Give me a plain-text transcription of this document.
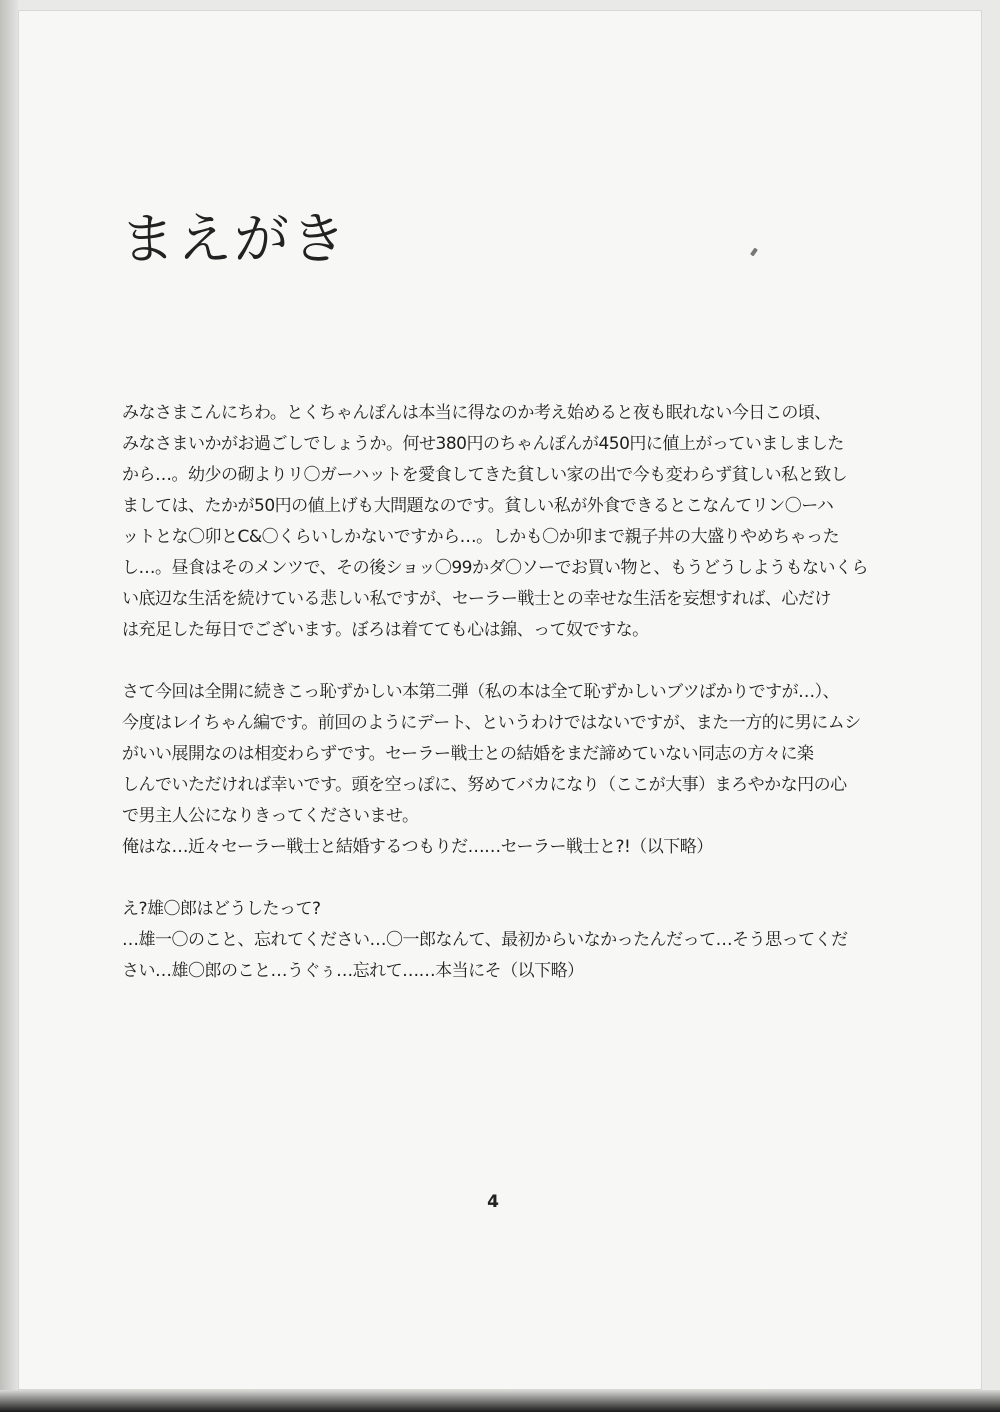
まえがき
みなさまこんにちわ。とくちゃんぽんは本当に得なのか考え始めると夜も眠れない今日この頃、
みなさまいかがお過ごしでしょうか。何せ380円のちゃんぽんが450円に値上がっていましました
から…。幼少の砌よりリ〇ガーハットを愛食してきた貧しい家の出で今も変わらず貧しい私と致し
ましては、たかが50円の値上げも大問題なのです。貧しい私が外食できるとこなんてリン〇ーハ
ットとな〇卯とC&〇くらいしかないですから…。しかも〇か卯まで親子丼の大盛りやめちゃった
し…。昼食はそのメンツで、その後ショッ〇99かダ〇ソーでお買い物と、もうどうしようもないくら
い底辺な生活を続けている悲しい私ですが、セーラー戦士との幸せな生活を妄想すれば、心だけ
は充足した毎日でございます。ぼろは着てても心は錦、って奴ですな。
さて今回は全開に続きこっ恥ずかしい本第二弾（私の本は全て恥ずかしいブツばかりですが…）、
今度はレイちゃん編です。前回のようにデート、というわけではないですが、また一方的に男にムシ
がいい展開なのは相変わらずです。セーラー戦士との結婚をまだ諦めていない同志の方々に楽
しんでいただければ幸いです。頭を空っぽに、努めてバカになり（ここが大事）まろやかな円の心
で男主人公になりきってくださいませ。
俺はな…近々セーラー戦士と結婚するつもりだ……セーラー戦士と?!（以下略）
え?雄〇郎はどうしたって?
…雄一〇のこと、忘れてください…〇一郎なんて、最初からいなかったんだって…そう思ってくだ
さい…雄〇郎のこと…うぐぅ…忘れて……本当にそ（以下略）
4
